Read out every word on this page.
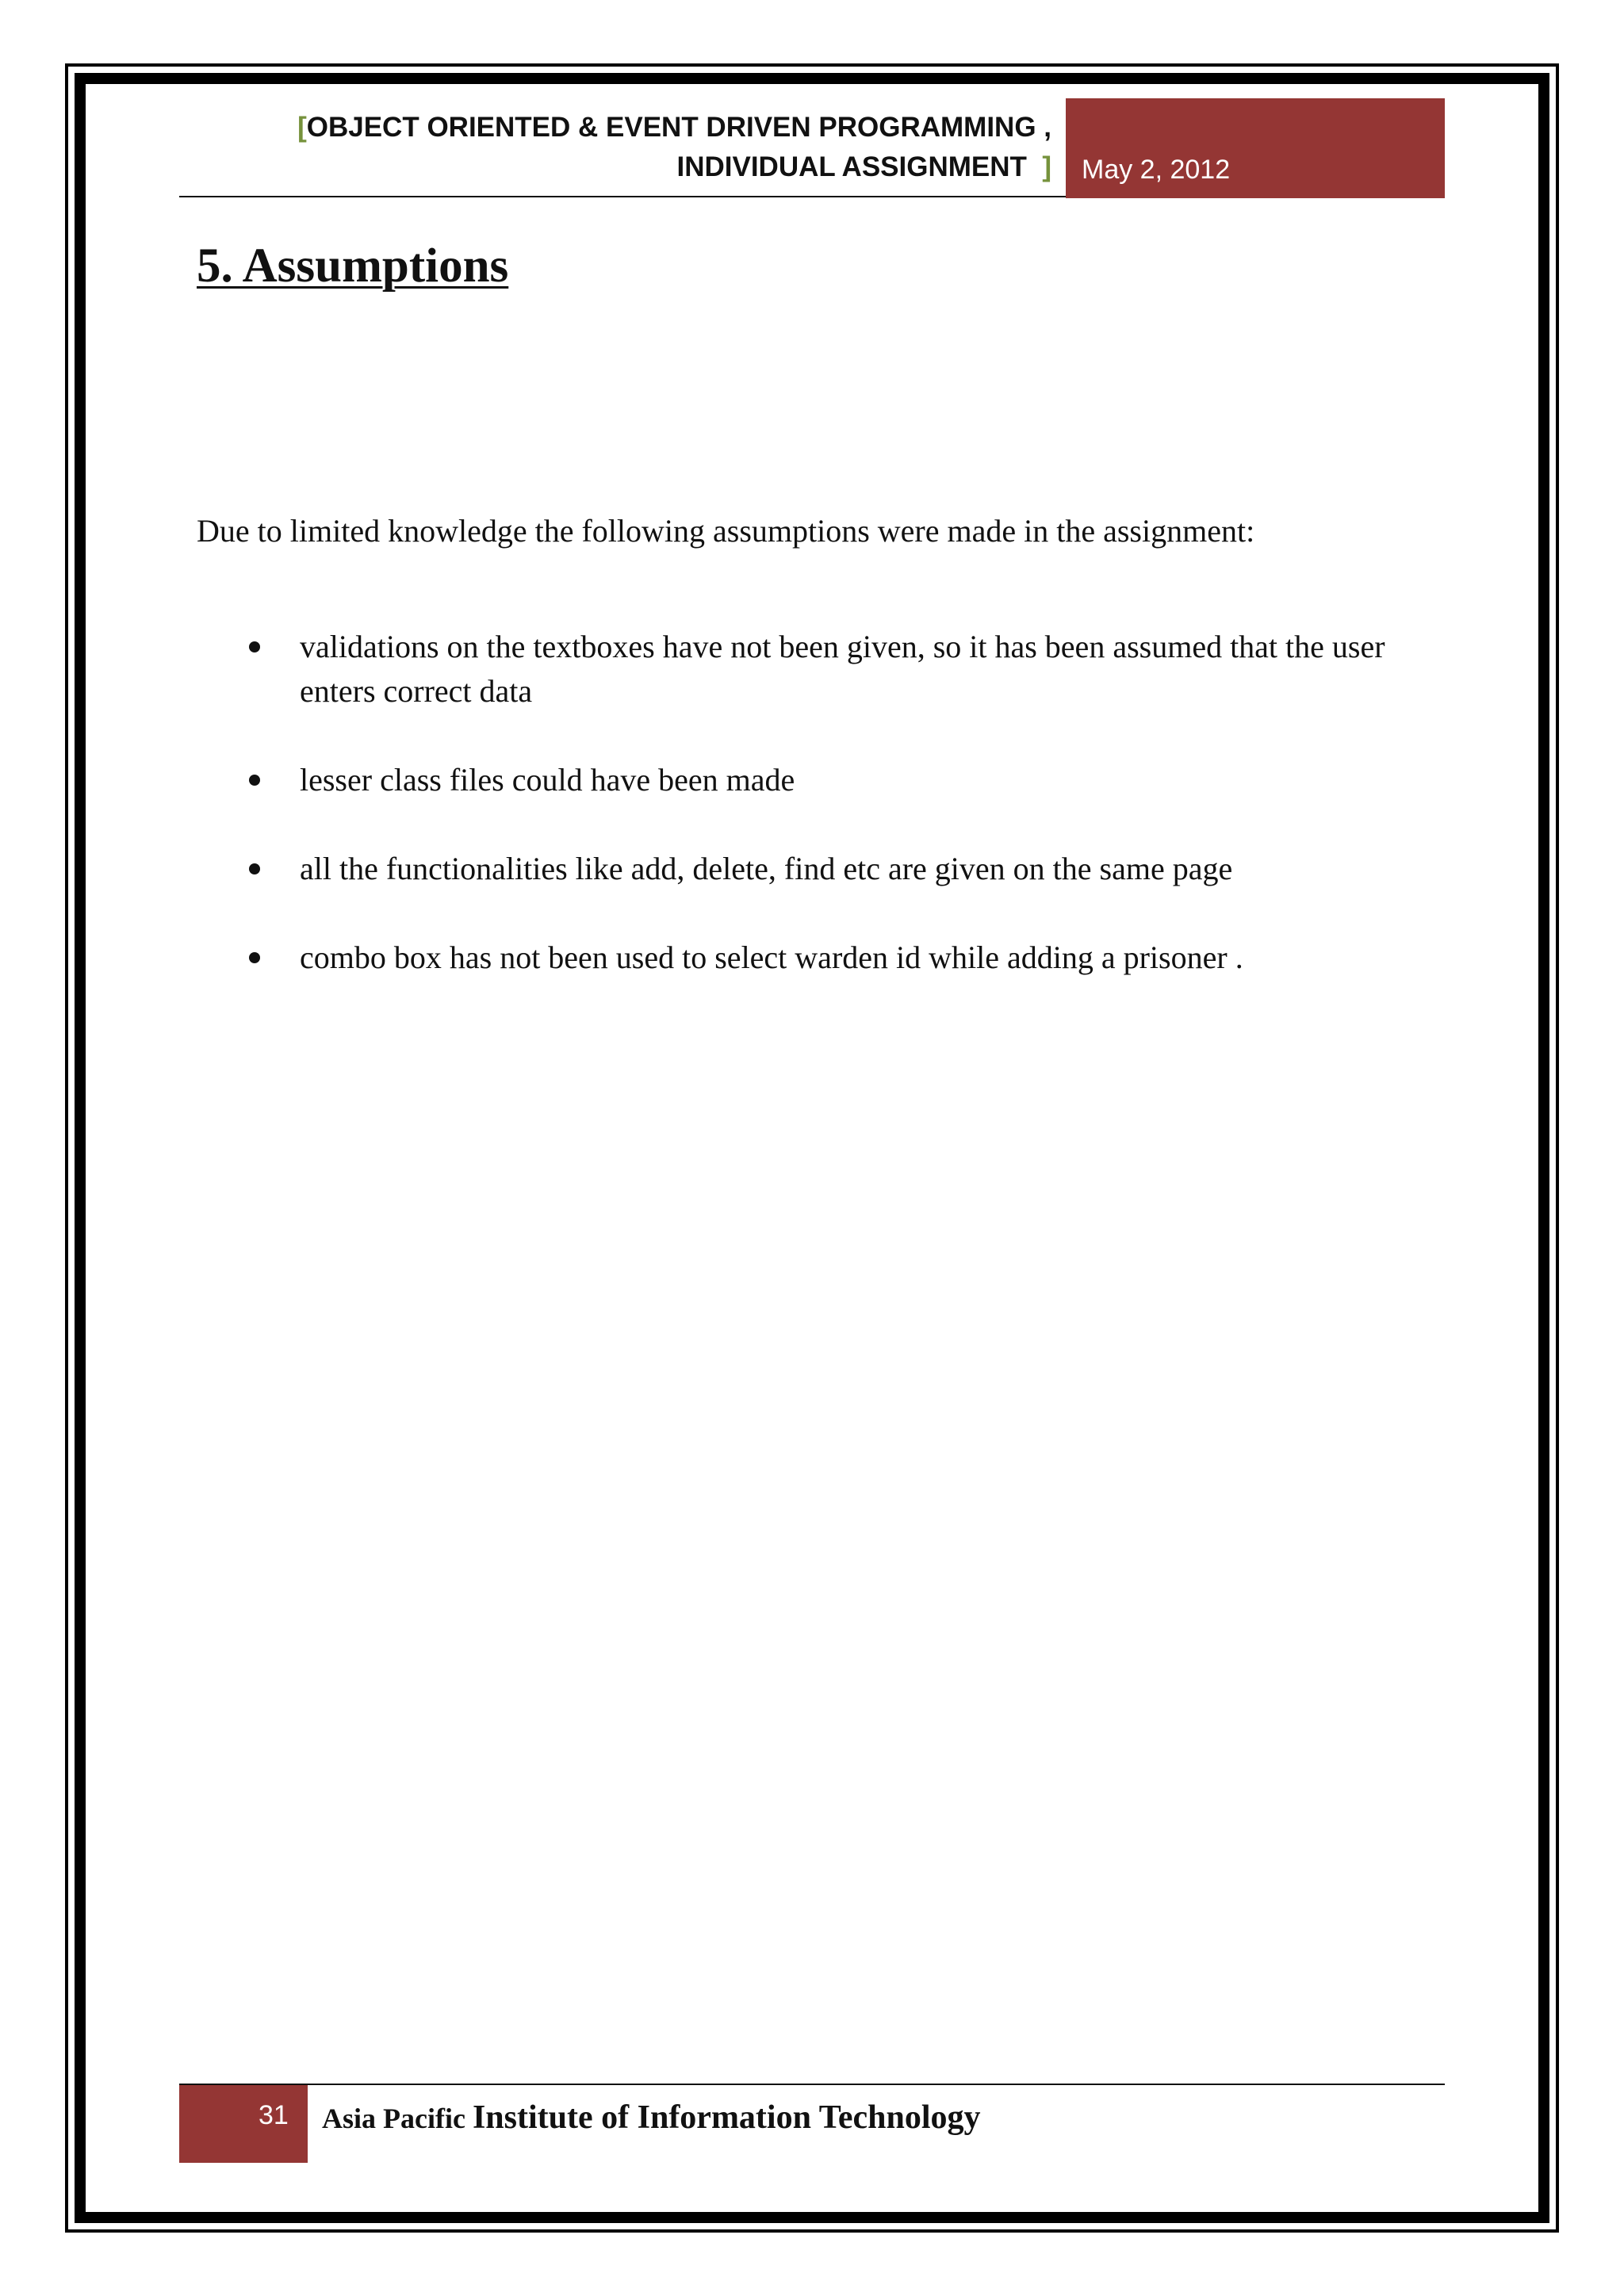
[OBJECT ORIENTED & EVENT DRIVEN PROGRAMMING ,
INDIVIDUAL ASSIGNMENT ] May 2, 2012
5. Assumptions

Due to limited knowledge the following assumptions were made in the assignment:

validations on the textboxes have not been given, so it has been assumed that the user enters correct data
lesser class files could have been made
all the functionalities like add, delete, find etc are given on the same page
combo box has not been used to select warden id while adding a prisoner .
31 Asia Pacific Institute of Information Technology
